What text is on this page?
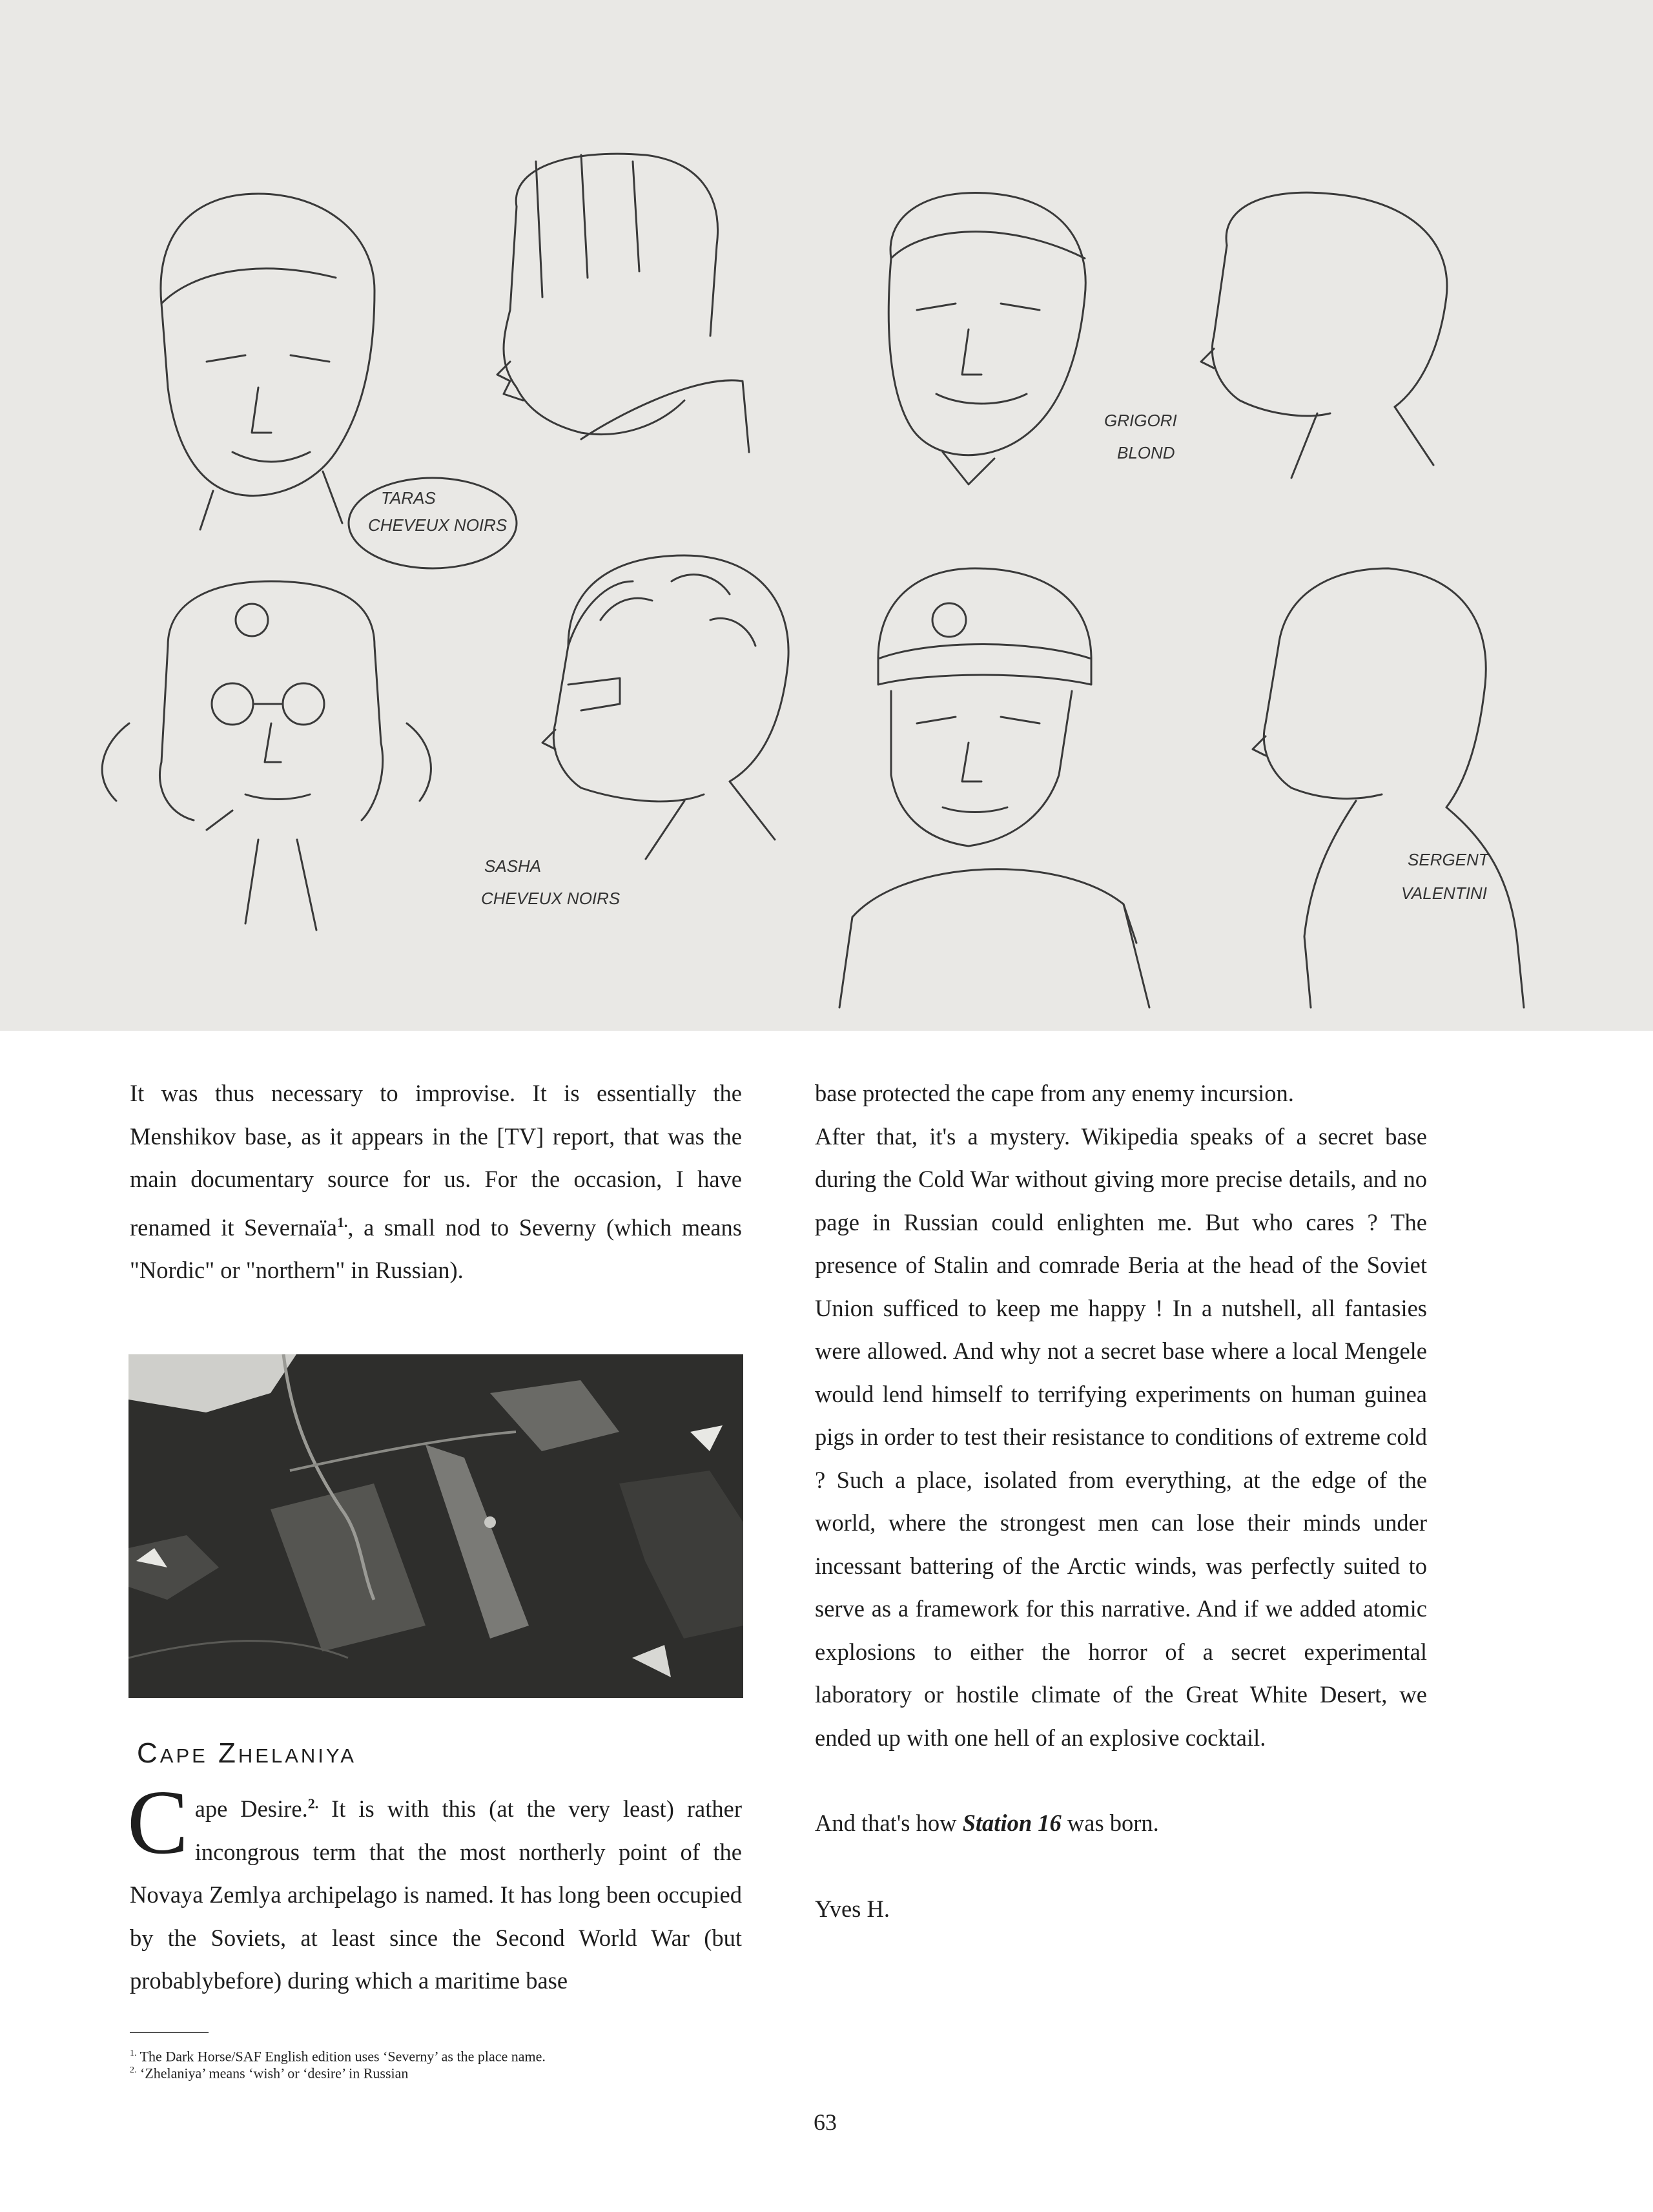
TARAS
CHEVEUX NOIRS
GRIGORI
BLOND
SASHA
CHEVEUX NOIRS
SERGENT
VALENTINI

It was thus necessary to improvise. It is essentially the Menshikov base, as it appears in the [TV] report, that was the main documentary source for us. For the occasion, I have renamed it Severnaïa$^{1.}$, a small nod to Severny (which means "Nordic" or "northern" in Russian).

Cape Zhelaniya

Cape Desire.$^{2.}$ It is with this (at the very least) rather incongrous term that the most northerly point of the Novaya Zemlya archipelago is named. It has long been occupied by the Soviets, at least since the Second World War (but probablybefore) during which a maritime base

base protected the cape from any enemy incursion.

After that, it's a mystery. Wikipedia speaks of a secret base during the Cold War without giving more precise details, and no page in Russian could enlighten me. But who cares ? The presence of Stalin and comrade Beria at the head of the Soviet Union sufficed to keep me happy ! In a nutshell, all fantasies were allowed. And why not a secret base where a local Mengele would lend himself to terrifying experiments on human guinea pigs in order to test their resistance to conditions of extreme cold ? Such a place, isolated from everything, at the edge of the world, where the strongest men can lose their minds under incessant battering of the Arctic winds, was perfectly suited to serve as a framework for this narrative. And if we added atomic explosions to either the horror of a secret experimental laboratory or hostile climate of the Great White Desert, we ended up with one hell of an explosive cocktail.

And that's how Station 16 was born.

Yves H.

$^{1.}$ The Dark Horse/SAF English edition uses ‘Severny’ as the place name.
$^{2.}$ ‘Zhelaniya’ means ‘wish’ or ‘desire’ in Russian
63
